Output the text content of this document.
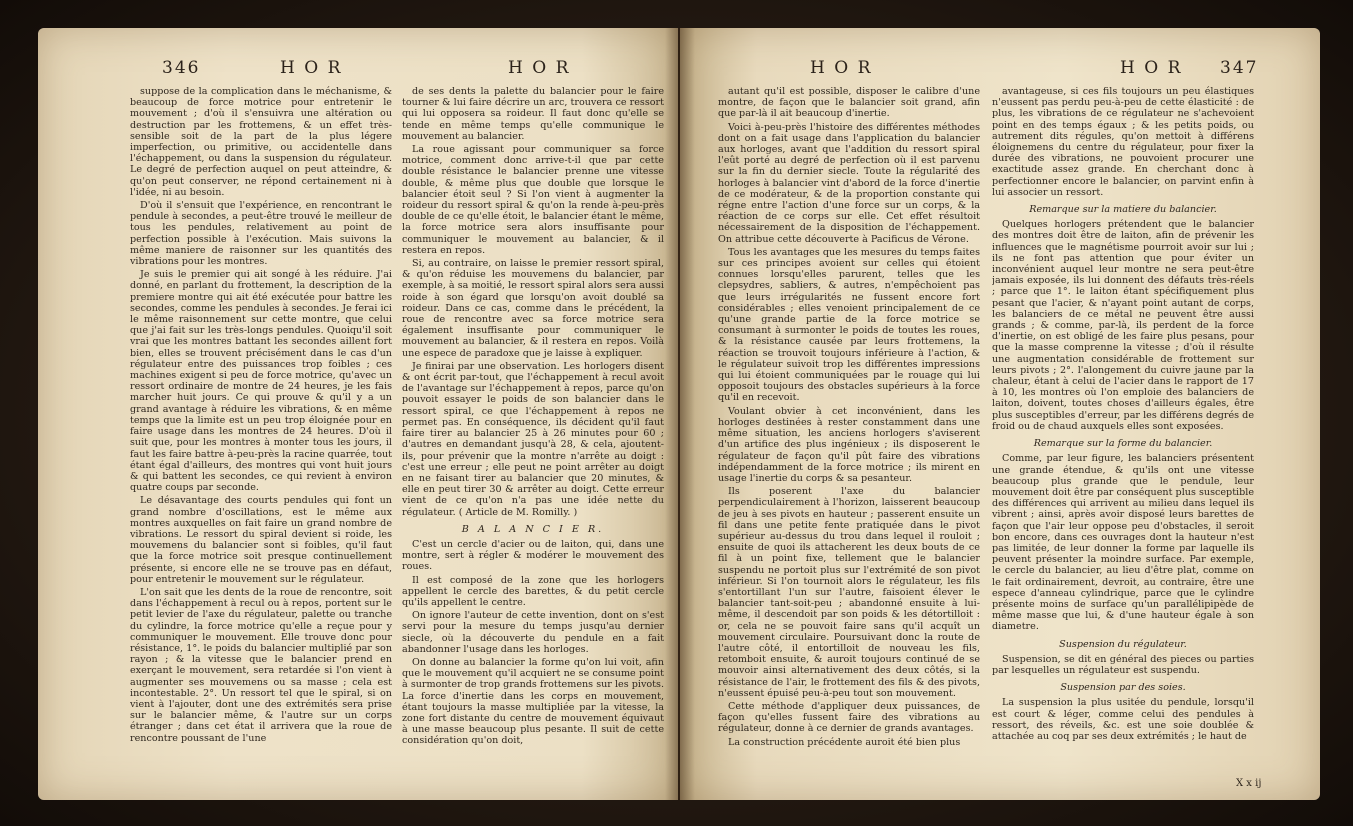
346	H O R	H O R

suppose de la complication dans le méchanisme, & beaucoup de force motrice pour entretenir le mouvement ; d'où il s'ensuivra une altération ou destruction par les frottemens, & un effet très-sensible soit de la part de la plus légere imperfection, ou primitive, ou accidentelle dans l'échappement, ou dans la suspension du régulateur. Le degré de perfection auquel on peut atteindre, & qu'on peut conserver, ne répond certainement ni à l'idée, ni au besoin.

D'où il s'ensuit que l'expérience, en rencontrant le pendule à secondes, a peut-être trouvé le meilleur de tous les pendules, relativement au point de perfection possible à l'exécution. Mais suivons la même maniere de raisonner sur les quantités des vibrations pour les montres.

Je suis le premier qui ait songé à les réduire. J'ai donné, en parlant du frottement, la description de la premiere montre qui ait été exécutée pour battre les secondes, comme les pendules à secondes. Je ferai ici le même raisonnement sur cette montre, que celui que j'ai fait sur les très-longs pendules. Quoiqu'il soit vrai que les montres battant les secondes aillent fort bien, elles se trouvent précisément dans le cas d'un régulateur entre des puissances trop foibles ; ces machines exigent si peu de force motrice, qu'avec un ressort ordinaire de montre de 24 heures, je les fais marcher huit jours. Ce qui prouve & qu'il y a un grand avantage à réduire les vibrations, & en même temps que la limite est un peu trop éloignée pour en faire usage dans les montres de 24 heures. D'où il suit que, pour les montres à monter tous les jours, il faut les faire battre à-peu-près la racine quarrée, tout étant égal d'ailleurs, des montres qui vont huit jours & qui battent les secondes, ce qui revient à environ quatre coups par seconde.

Le désavantage des courts pendules qui font un grand nombre d'oscillations, est le même aux montres auxquelles on fait faire un grand nombre de vibrations. Le ressort du spiral devient si roide, les mouvemens du balancier sont si foibles, qu'il faut que la force motrice soit presque continuellement présente, si encore elle ne se trouve pas en défaut, pour entretenir le mouvement sur le régulateur.

L'on sait que les dents de la roue de rencontre, soit dans l'échappement à recul ou à repos, portent sur le petit levier de l'axe du régulateur, palette ou tranche du cylindre, la force motrice qu'elle a reçue pour y communiquer le mouvement. Elle trouve donc pour résistance, 1°. le poids du balancier multiplié par son rayon ; & la vitesse que le balancier prend en exerçant le mouvement, sera retardée si l'on vient à augmenter ses mouvemens ou sa masse ; cela est incontestable. 2°. Un ressort tel que le spiral, si on vient à l'ajouter, dont une des extrémités sera prise sur le balancier même, & l'autre sur un corps étranger ; dans cet état il arrivera que la roue de rencontre poussant de l'une

de ses dents la palette du balancier pour le faire tourner & lui faire décrire un arc, trouvera ce ressort qui lui opposera sa roideur. Il faut donc qu'elle se tende en même temps qu'elle communique le mouvement au balancier.

La roue agissant pour communiquer sa force motrice, comment donc arrive-t-il que par cette double résistance le balancier prenne une vitesse double, & même plus que double que lorsque le balancier étoit seul ? Si l'on vient à augmenter la roideur du ressort spiral & qu'on la rende à-peu-près double de ce qu'elle étoit, le balancier étant le même, la force motrice sera alors insuffisante pour communiquer le mouvement au balancier, & il restera en repos.

Si, au contraire, on laisse le premier ressort spiral, & qu'on réduise les mouvemens du balancier, par exemple, à sa moitié, le ressort spiral alors sera aussi roide à son égard que lorsqu'on avoit doublé sa roideur. Dans ce cas, comme dans le précédent, la roue de rencontre avec sa force motrice sera également insuffisante pour communiquer le mouvement au balancier, & il restera en repos. Voilà une espece de paradoxe que je laisse à expliquer.

Je finirai par une observation. Les horlogers disent & ont écrit par-tout, que l'échappement à recul avoit de l'avantage sur l'échappement à repos, parce qu'on pouvoit essayer le poids de son balancier dans le ressort spiral, ce que l'échappement à repos ne permet pas. En conséquence, ils décident qu'il faut faire tirer au balancier 25 à 26 minutes pour 60 ; d'autres en demandant jusqu'à 28, & cela, ajoutent-ils, pour prévenir que la montre n'arrête au doigt : c'est une erreur ; elle peut ne point arrêter au doigt en ne faisant tirer au balancier que 20 minutes, & elle en peut tirer 30 & arrêter au doigt. Cette erreur vient de ce qu'on n'a pas une idée nette du régulateur. ( Article de M. Romilly. )

B A L A N C I E R.

C'est un cercle d'acier ou de laiton, qui, dans une montre, sert à régler & modérer le mouvement des roues.

Il est composé de la zone que les horlogers appellent le cercle des barettes, & du petit cercle qu'ils appellent le centre.

On ignore l'auteur de cette invention, dont on s'est servi pour la mesure du temps jusqu'au dernier siecle, où la découverte du pendule en a fait abandonner l'usage dans les horloges.

On donne au balancier la forme qu'on lui voit, afin que le mouvement qu'il acquiert ne se consume point à surmonter de trop grands frottemens sur les pivots. La force d'inertie dans les corps en mouvement, étant toujours la masse multipliée par la vitesse, la zone fort distante du centre de mouvement équivaut à une masse beaucoup plus pesante. Il suit de cette considération qu'on doit,

H O R	H O R 347

autant qu'il est possible, disposer le calibre d'une montre, de façon que le balancier soit grand, afin que par-là il ait beaucoup d'inertie.

Voici à-peu-près l'histoire des différentes méthodes dont on a fait usage dans l'application du balancier aux horloges, avant que l'addition du ressort spiral l'eût porté au degré de perfection où il est parvenu sur la fin du dernier siecle. Toute la régularité des horloges à balancier vint d'abord de la force d'inertie de ce modérateur, & de la proportion constante qui régne entre l'action d'une force sur un corps, & la réaction de ce corps sur elle. Cet effet résultoit nécessairement de la disposition de l'échappement. On attribue cette découverte à Pacificus de Vérone.

Tous les avantages que les mesures du temps faites sur ces principes avoient sur celles qui étoient connues lorsqu'elles parurent, telles que les clepsydres, sabliers, & autres, n'empêchoient pas que leurs irrégularités ne fussent encore fort considérables ; elles venoient principalement de ce qu'une grande partie de la force motrice se consumant à surmonter le poids de toutes les roues, & la résistance causée par leurs frottemens, la réaction se trouvoit toujours inférieure à l'action, & le régulateur suivoit trop les différentes impressions qui lui étoient communiquées par le rouage qui lui opposoit toujours des obstacles supérieurs à la force qu'il en recevoit.

Voulant obvier à cet inconvénient, dans les horloges destinées à rester constamment dans une même situation, les anciens horlogers s'aviserent d'un artifice des plus ingénieux ; ils disposerent le régulateur de façon qu'il pût faire des vibrations indépendamment de la force motrice ; ils mirent en usage l'inertie du corps & sa pesanteur.

Ils poserent l'axe du balancier perpendiculairement à l'horizon, laisserent beaucoup de jeu à ses pivots en hauteur ; passerent ensuite un fil dans une petite fente pratiquée dans le pivot supérieur au-dessus du trou dans lequel il rouloit ; ensuite de quoi ils attacherent les deux bouts de ce fil à un point fixe, tellement que le balancier suspendu ne portoit plus sur l'extrémité de son pivot inférieur. Si l'on tournoit alors le régulateur, les fils s'entortillant l'un sur l'autre, faisoient élever le balancier tant-soit-peu ; abandonné ensuite à lui-même, il descendoit par son poids & les détortilloit : or, cela ne se pouvoit faire sans qu'il acquît un mouvement circulaire. Poursuivant donc la route de l'autre côté, il entortilloit de nouveau les fils, retomboit ensuite, & auroit toujours continué de se mouvoir ainsi alternativement des deux côtés, si la résistance de l'air, le frottement des fils & des pivots, n'eussent épuisé peu-à-peu tout son mouvement.

Cette méthode d'appliquer deux puissances, de façon qu'elles fussent faire des vibrations au régulateur, donne à ce dernier de grands avantages.

La construction précédente auroit été bien plus

avantageuse, si ces fils toujours un peu élastiques n'eussent pas perdu peu-à-peu de cette élasticité : de plus, les vibrations de ce régulateur ne s'achevoient point en des temps égaux ; & les petits poids, ou autrement dits régules, qu'on mettoit à différens éloignemens du centre du régulateur, pour fixer la durée des vibrations, ne pouvoient procurer une exactitude assez grande. En cherchant donc à perfectionner encore le balancier, on parvint enfin à lui associer un ressort.

Remarque sur la matiere du balancier.

Quelques horlogers prétendent que le balancier des montres doit être de laiton, afin de prévenir les influences que le magnétisme pourroit avoir sur lui ; ils ne font pas attention que pour éviter un inconvénient auquel leur montre ne sera peut-être jamais exposée, ils lui donnent des défauts très-réels ; parce que 1°. le laiton étant spécifiquement plus pesant que l'acier, & n'ayant point autant de corps, les balanciers de ce métal ne peuvent être aussi grands ; & comme, par-là, ils perdent de la force d'inertie, on est obligé de les faire plus pesans, pour que la masse comprenne la vitesse ; d'où il résulte une augmentation considérable de frottement sur leurs pivots ; 2°. l'alongement du cuivre jaune par la chaleur, étant à celui de l'acier dans le rapport de 17 à 10, les montres où l'on emploie des balanciers de laiton, doivent, toutes choses d'ailleurs égales, être plus susceptibles d'erreur, par les différens degrés de froid ou de chaud auxquels elles sont exposées.

Remarque sur la forme du balancier.

Comme, par leur figure, les balanciers présentent une grande étendue, & qu'ils ont une vitesse beaucoup plus grande que le pendule, leur mouvement doit être par conséquent plus susceptible des différences qui arrivent au milieu dans lequel ils vibrent ; ainsi, après avoir disposé leurs barettes de façon que l'air leur oppose peu d'obstacles, il seroit bon encore, dans ces ouvrages dont la hauteur n'est pas limitée, de leur donner la forme par laquelle ils peuvent présenter la moindre surface. Par exemple, le cercle du balancier, au lieu d'être plat, comme on le fait ordinairement, devroit, au contraire, être une espece d'anneau cylindrique, parce que le cylindre présente moins de surface qu'un parallélipipède de même masse que lui, & d'une hauteur égale à son diametre.

Suspension du régulateur.

Suspension, se dit en général des pieces ou parties par lesquelles un régulateur est suspendu.

Suspension par des soies.

La suspension la plus usitée du pendule, lorsqu'il est court & léger, comme celui des pendules à ressort, des réveils, &c. est une soie doublée & attachée au coq par ses deux extrémités ; le haut de

X x ij
